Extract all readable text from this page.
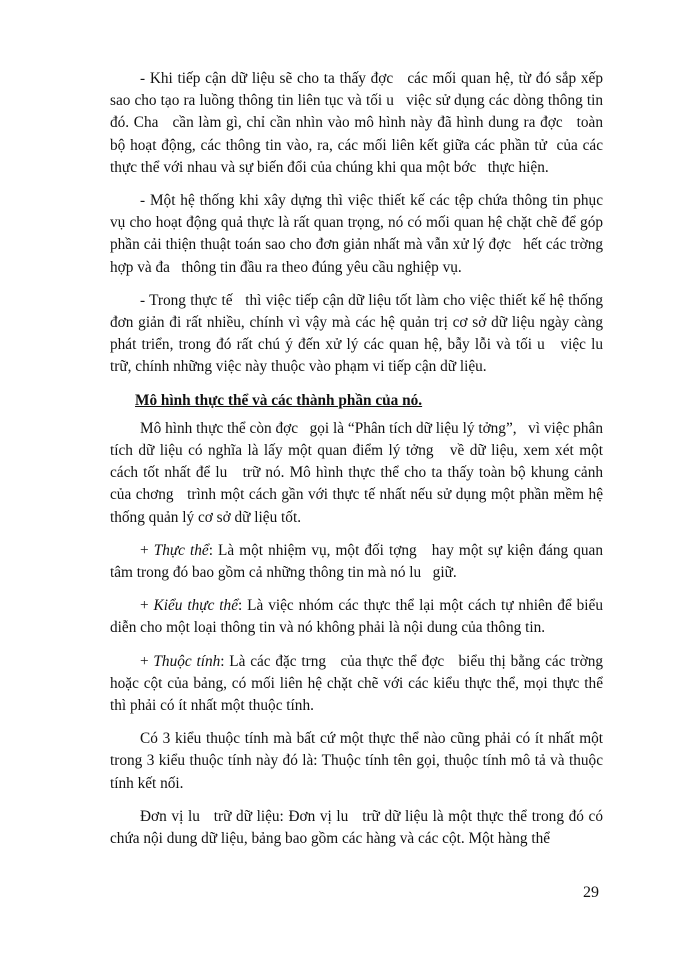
- Khi tiếp cận dữ liệu sẽ cho ta thấy đợc   các mối quan hệ, từ đó sắp xếp sao cho tạo ra luồng thông tin liên tục và tối u   việc sử dụng các dòng thông tin đó. Cha   cần làm gì, chỉ cần nhìn vào mô hình này đã hình dung ra đợc   toàn bộ hoạt động, các thông tin vào, ra, các mối liên kết giữa các phần tử  của các thực thể với nhau và sự biến đổi của chúng khi qua một bớc   thực hiện.

- Một hệ thống khi xây dựng thì việc thiết kế các tệp chứa thông tin phục vụ cho hoạt động quả thực là rất quan trọng, nó có mối quan hệ chặt chẽ để góp phần cải thiện thuật toán sao cho đơn giản nhất mà vẫn xử lý đợc   hết các trờng   hợp và đa   thông tin đầu ra theo đúng yêu cầu nghiệp vụ.

- Trong thực tế   thì việc tiếp cận dữ liệu tốt làm cho việc thiết kế hệ thống đơn giản đi rất nhiều, chính vì vậy mà các hệ quản trị cơ sở dữ liệu ngày càng phát triển, trong đó rất chú ý đến xử lý các quan hệ, bẫy lỗi và tối u   việc lu   trữ, chính những việc này thuộc vào phạm vi tiếp cận dữ liệu.

Mô hình thực thể và các thành phần của nó.

Mô hình thực thể còn đợc   gọi là “Phân tích dữ liệu lý tởng”,   vì việc phân tích dữ liệu có nghĩa là lấy một quan điểm lý tởng   về dữ liệu, xem xét một cách tốt nhất để lu   trữ nó. Mô hình thực thể cho ta thấy toàn bộ khung cảnh của chơng   trình một cách gần với thực tế nhất nếu sử dụng một phần mềm hệ thống quản lý cơ sở dữ liệu tốt.

+ Thực thể: Là một nhiệm vụ, một đối tợng   hay một sự kiện đáng quan tâm trong đó bao gồm cả những thông tin mà nó lu   giữ.

+ Kiểu thực thể: Là việc nhóm các thực thể lại một cách tự nhiên để biểu diễn cho một loại thông tin và nó không phải là nội dung của thông tin.

+ Thuộc tính: Là các đặc trng   của thực thể đợc   biểu thị bằng các trờng   hoặc cột của bảng, có mối liên hệ chặt chẽ với các kiểu thực thể, mọi thực thể thì phải có ít nhất một thuộc tính.

Có 3 kiểu thuộc tính mà bất cứ một thực thể nào cũng phải có ít nhất một trong 3 kiểu thuộc tính này đó là: Thuộc tính tên gọi, thuộc tính mô tả và thuộc tính kết nối.

Đơn vị lu   trữ dữ liệu: Đơn vị lu   trữ dữ liệu là một thực thể trong đó có chứa nội dung dữ liệu, bảng bao gồm các hàng và các cột. Một hàng thể

29
